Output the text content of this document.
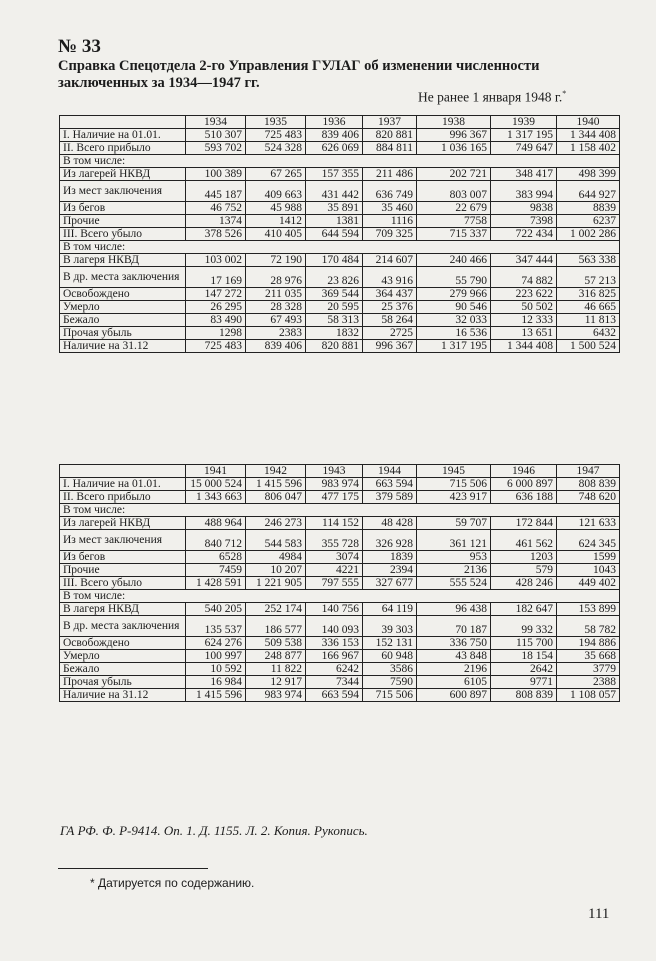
№ 33
Справка Спецотдела 2-го Управления ГУЛАГ об изменении численности заключенных за 1934—1947 гг.
Не ранее 1 января 1948 г.*
	1934	1935	1936	1937	1938	1939	1940
I. Наличие на 01.01.	510 307	725 483	839 406	820 881	996 367	1 317 195	1 344 408
II. Всего прибыло	593 702	524 328	626 069	884 811	1 036 165	749 647	1 158 402
В том числе:							
Из лагерей НКВД	100 389	67 265	157 355	211 486	202 721	348 417	498 399
Из мест заключения	445 187	409 663	431 442	636 749	803 007	383 994	644 927
Из бегов	46 752	45 988	35 891	35 460	22 679	9838	8839
Прочие	1374	1412	1381	1116	7758	7398	6237
III. Всего убыло	378 526	410 405	644 594	709 325	715 337	722 434	1 002 286
В том числе:							
В лагеря НКВД	103 002	72 190	170 484	214 607	240 466	347 444	563 338
В др. места заключения	17 169	28 976	23 826	43 916	55 790	74 882	57 213
Освобождено	147 272	211 035	369 544	364 437	279 966	223 622	316 825
Умерло	26 295	28 328	20 595	25 376	90 546	50 502	46 665
Бежало	83 490	67 493	58 313	58 264	32 033	12 333	11 813
Прочая убыль	1298	2383	1832	2725	16 536	13 651	6432
Наличие на 31.12	725 483	839 406	820 881	996 367	1 317 195	1 344 408	1 500 524
	1941	1942	1943	1944	1945	1946	1947
I. Наличие на 01.01.	15 000 524	1 415 596	983 974	663 594	715 506	6 000 897	808 839
II. Всего прибыло	1 343 663	806 047	477 175	379 589	423 917	636 188	748 620
В том числе:							
Из лагерей НКВД	488 964	246 273	114 152	48 428	59 707	172 844	121 633
Из мест заключения	840 712	544 583	355 728	326 928	361 121	461 562	624 345
Из бегов	6528	4984	3074	1839	953	1203	1599
Прочие	7459	10 207	4221	2394	2136	579	1043
III. Всего убыло	1 428 591	1 221 905	797 555	327 677	555 524	428 246	449 402
В том числе:							
В лагеря НКВД	540 205	252 174	140 756	64 119	96 438	182 647	153 899
В др. места заключения	135 537	186 577	140 093	39 303	70 187	99 332	58 782
Освобождено	624 276	509 538	336 153	152 131	336 750	115 700	194 886
Умерло	100 997	248 877	166 967	60 948	43 848	18 154	35 668
Бежало	10 592	11 822	6242	3586	2196	2642	3779
Прочая убыль	16 984	12 917	7344	7590	6105	9771	2388
Наличие на 31.12	1 415 596	983 974	663 594	715 506	600 897	808 839	1 108 057
ГА РФ. Ф. Р-9414. Оп. 1. Д. 1155. Л. 2. Копия. Рукопись.
* Датируется по содержанию.
111
